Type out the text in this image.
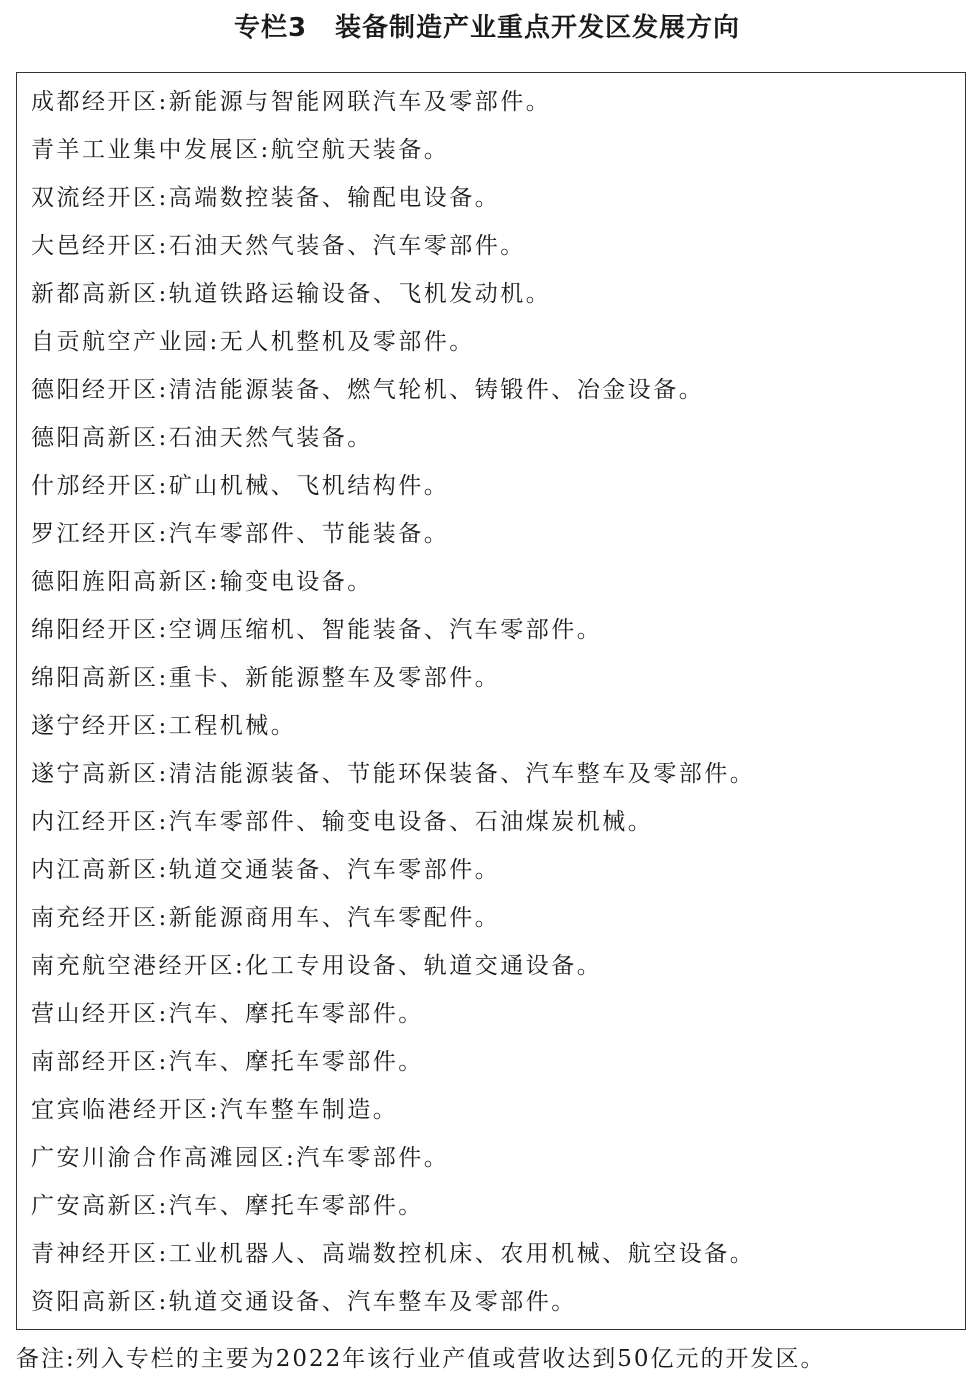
专栏3 装备制造产业重点开发区发展方向
成都经开区:新能源与智能网联汽车及零部件。
青羊工业集中发展区:航空航天装备。
双流经开区:高端数控装备、输配电设备。
大邑经开区:石油天然气装备、汽车零部件。
新都高新区:轨道铁路运输设备、飞机发动机。
自贡航空产业园:无人机整机及零部件。
德阳经开区:清洁能源装备、燃气轮机、铸锻件、冶金设备。
德阳高新区:石油天然气装备。
什邡经开区:矿山机械、飞机结构件。
罗江经开区:汽车零部件、节能装备。
德阳旌阳高新区:输变电设备。
绵阳经开区:空调压缩机、智能装备、汽车零部件。
绵阳高新区:重卡、新能源整车及零部件。
遂宁经开区:工程机械。
遂宁高新区:清洁能源装备、节能环保装备、汽车整车及零部件。
内江经开区:汽车零部件、输变电设备、石油煤炭机械。
内江高新区:轨道交通装备、汽车零部件。
南充经开区:新能源商用车、汽车零配件。
南充航空港经开区:化工专用设备、轨道交通设备。
营山经开区:汽车、摩托车零部件。
南部经开区:汽车、摩托车零部件。
宜宾临港经开区:汽车整车制造。
广安川渝合作高滩园区:汽车零部件。
广安高新区:汽车、摩托车零部件。
青神经开区:工业机器人、高端数控机床、农用机械、航空设备。
资阳高新区:轨道交通设备、汽车整车及零部件。
备注:列入专栏的主要为2022年该行业产值或营收达到50亿元的开发区。
